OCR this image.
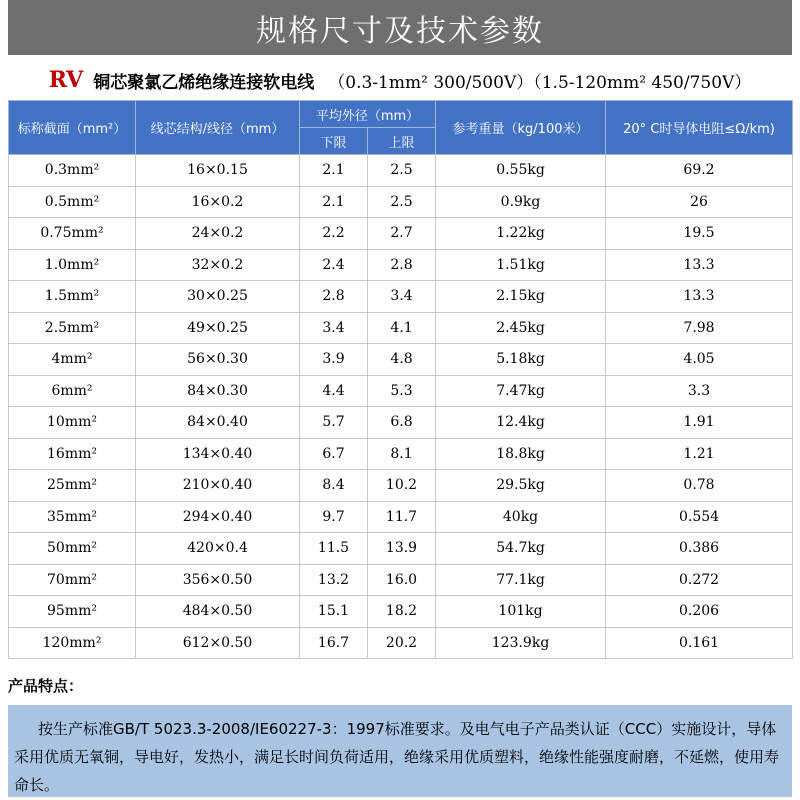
规格尺寸及技术参数
RV 铜芯聚氯乙烯绝缘连接软电线 （0.3-1mm² 300/500V）（1.5-120mm² 450/750V）
标称截面（mm²）	线芯结构/线径（mm）	平均外径（mm）		参考重量（kg/100米）	20° C时导体电阻≤Ω/km)
		下限	上限		
0.3mm²	16×0.15	2.1	2.5	0.55kg	69.2
0.5mm²	16×0.2	2.1	2.5	0.9kg	26
0.75mm²	24×0.2	2.2	2.7	1.22kg	19.5
1.0mm²	32×0.2	2.4	2.8	1.51kg	13.3
1.5mm²	30×0.25	2.8	3.4	2.15kg	13.3
2.5mm²	49×0.25	3.4	4.1	2.45kg	7.98
4mm²	56×0.30	3.9	4.8	5.18kg	4.05
6mm²	84×0.30	4.4	5.3	7.47kg	3.3
10mm²	84×0.40	5.7	6.8	12.4kg	1.91
16mm²	134×0.40	6.7	8.1	18.8kg	1.21
25mm²	210×0.40	8.4	10.2	29.5kg	0.78
35mm²	294×0.40	9.7	11.7	40kg	0.554
50mm²	420×0.4	11.5	13.9	54.7kg	0.386
70mm²	356×0.50	13.2	16.0	77.1kg	0.272
95mm²	484×0.50	15.1	18.2	101kg	0.206
120mm²	612×0.50	16.7	20.2	123.9kg	0.161
产品特点：

按生产标准GB/T 5023.3-2008/IE60227-3：1997标准要求。及电气电子产品类认证（CCC）实施设计，导体采用优质无氧铜，导电好，发热小，满足长时间负荷适用，绝缘采用优质塑料，绝缘性能强度耐磨，不延燃，使用寿命长。
